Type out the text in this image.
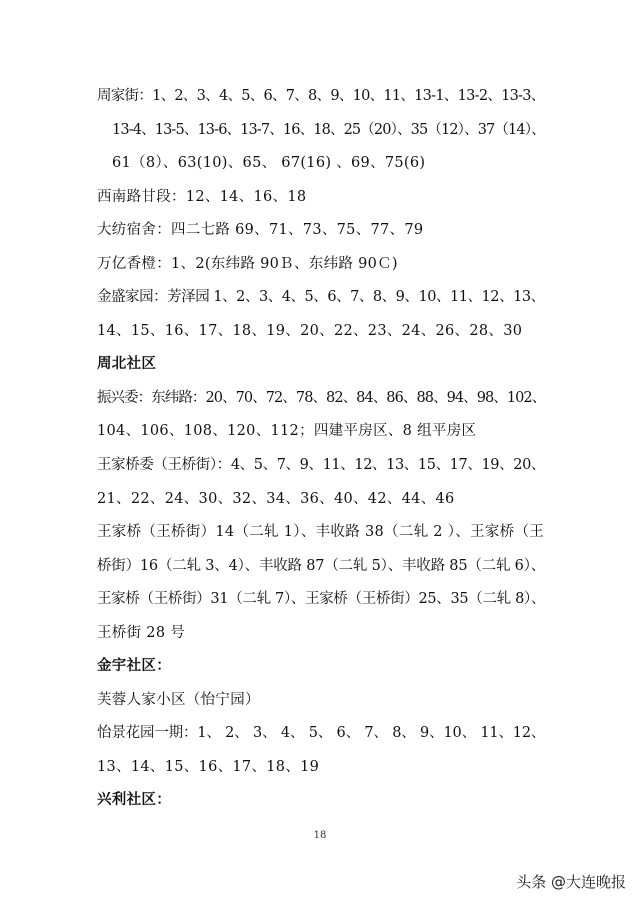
周家街：1、2、3、4、5、6、7、8、9、10、11、13-1、13-2、13-3、
13-4、13-5、13-6、13-7、16、18、25（20）、35（12）、37（14）、
61（8）、63(10)、65、 67(16) 、69、75(6)
西南路甘段：12、14、16、18
大纺宿舍：四二七路 69、71、73、75、77、79
万亿香橙：1、2(东纬路 90Ｂ、东纬路 90Ｃ)
金盛家园：芳泽园 1、2、3、4、5、6、7、8、9、10、11、12、13、
14、15、16、17、18、19、20、22、23、24、26、28、30
周北社区
振兴委：东纬路：20、70、72、78、82、84、86、88、94、98、102、
104、106、108、120、112；四建平房区、8 组平房区
王家桥委（王桥街）：4、5、7、9、11、12、13、15、17、19、20、
21、22、24、30、32、34、36、40、42、44、46
王家桥（王桥街）14（二轧 1）、丰收路 38（二轧 2 ）、王家桥（王
桥街）16（二轧 3、4）、丰收路 87（二轧 5）、丰收路 85（二轧 6）、
王家桥（王桥街）31（二轧 7）、王家桥（王桥街）25、35（二轧 8）、
王桥街 28 号
金宇社区：
芙蓉人家小区（怡宁园）
怡景花园一期：1、 2、 3、 4、 5、 6、 7、 8、 9、10、 11、12、
13、14、15、16、17、18、19
兴利社区：
18
头条 @大连晚报
